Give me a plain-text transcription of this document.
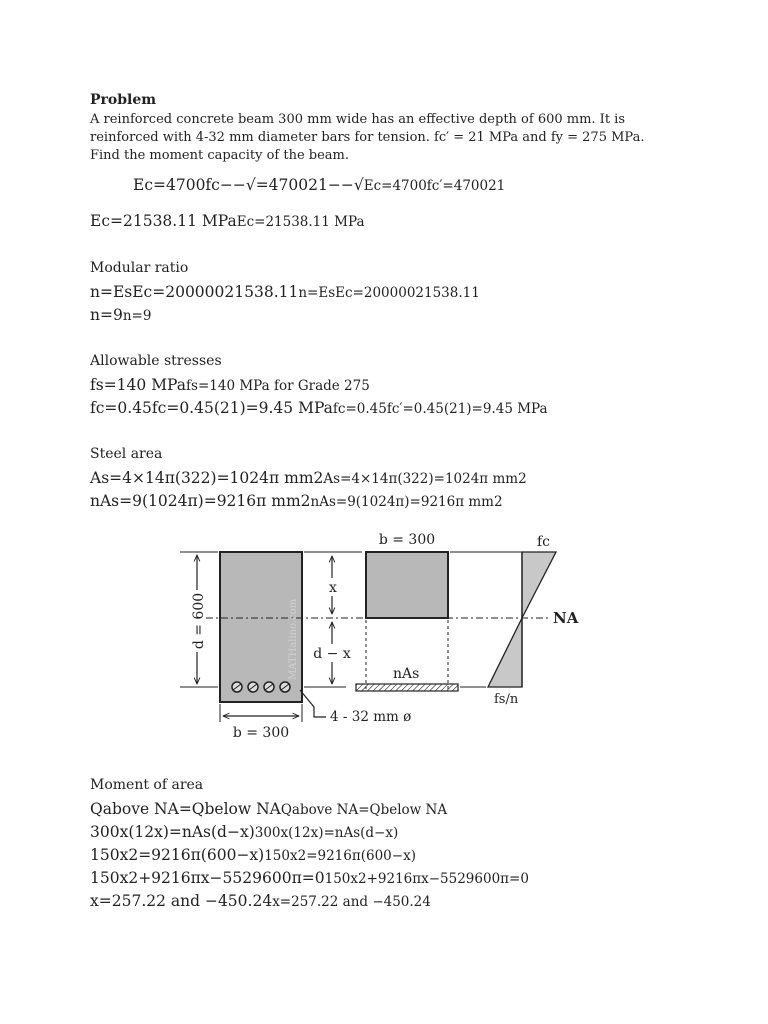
Problem
A reinforced concrete beam 300 mm wide has an effective depth of 600 mm. It is reinforced with 4-32 mm diameter bars for tension. fc′ = 21 MPa and fy = 275 MPa. Find the moment capacity of the beam.
Ec=4700fc−−√=470021−−√Ec=4700fc′=470021
Ec=21538.11 MPaEc=21538.11 MPa
Modular ratio
n=EsEc=20000021538.11n=EsEc=20000021538.11
n=9n=9
Allowable stresses
fs=140 MPafs=140 MPa for Grade 275
fc=0.45fc=0.45(21)=9.45 MPafc=0.45fc′=0.45(21)=9.45 MPa
Steel area
As=4×14π(322)=1024π mm2As=4×14π(322)=1024π mm2
nAs=9(1024π)=9216π mm2nAs=9(1024π)=9216π mm2
d = 600
b = 300
4 - 32 mm ø
x
d − x
b = 300
nAs
fc
fs/n
NA
MATHalino.com
Moment of area
Qabove NA=Qbelow NAQabove NA=Qbelow NA
300x(12x)=nAs(d−x)300x(12x)=nAs(d−x)
150x2=9216π(600−x)150x2=9216π(600−x)
150x2+9216πx−5529600π=0150x2+9216πx−5529600π=0
x=257.22 and −450.24x=257.22 and −450.24
